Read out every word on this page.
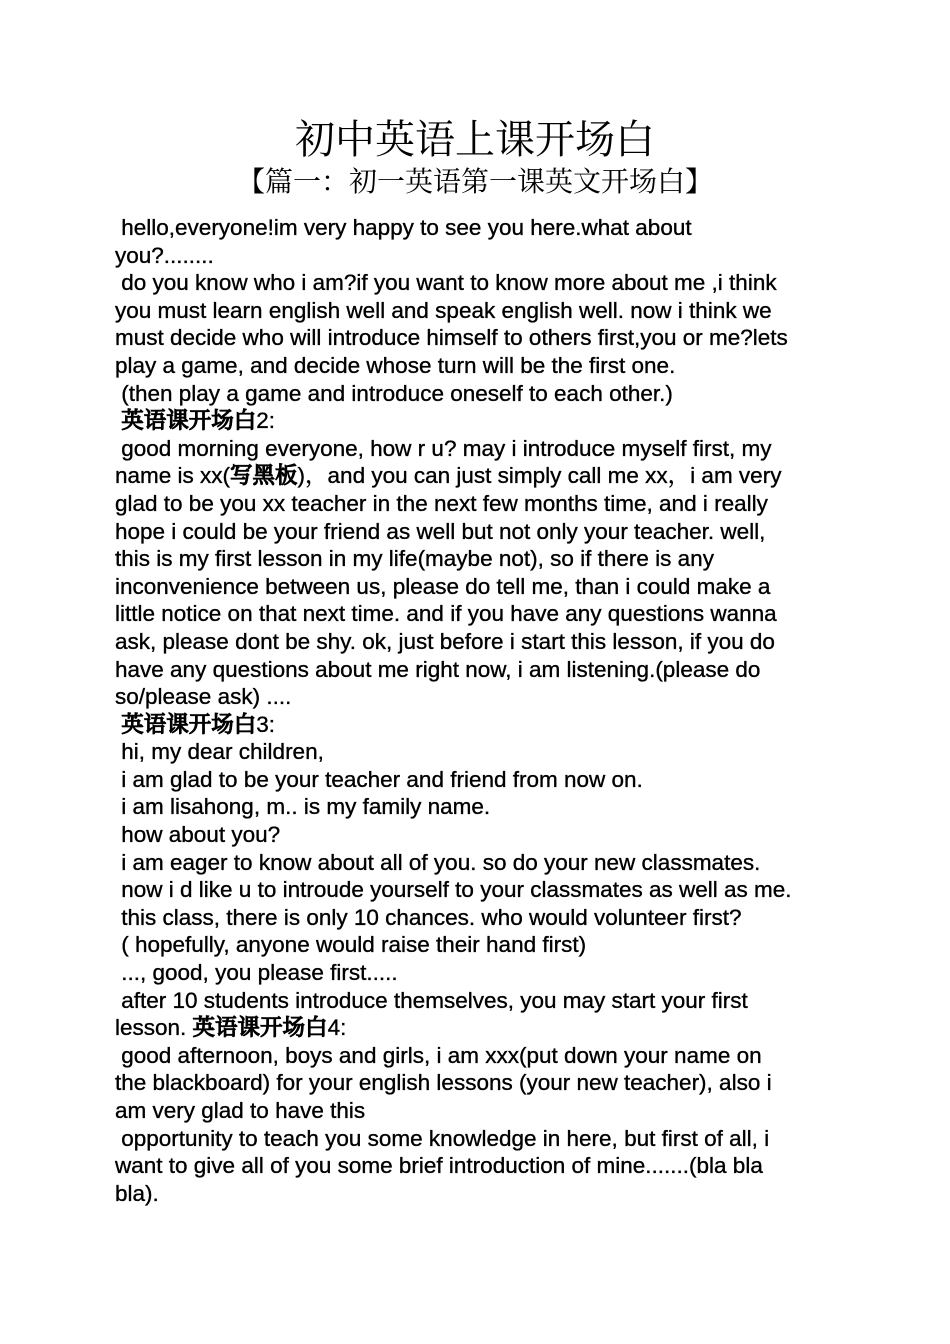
初中英语上课开场白
【篇一：初一英语第一课英文开场白】
hello,everyone!im very happy to see you here.what about
you?........
do you know who i am?if you want to know more about me ,i think
you must learn english well and speak english well. now i think we
must decide who will introduce himself to others first,you or me?lets
play a game, and decide whose turn will be the first one.
(then play a game and introduce oneself to each other.)
英语课开场白2:
good morning everyone, how r u? may i introduce myself first, my
name is xx(写黑板)，and you can just simply call me xx，i am very
glad to be you xx teacher in the next few months time, and i really
hope i could be your friend as well but not only your teacher. well,
this is my first lesson in my life(maybe not), so if there is any
inconvenience between us, please do tell me, than i could make a
little notice on that next time. and if you have any questions wanna
ask, please dont be shy. ok, just before i start this lesson, if you do
have any questions about me right now, i am listening.(please do
so/please ask) ....
英语课开场白3:
hi, my dear children,
i am glad to be your teacher and friend from now on.
i am lisahong, m.. is my family name.
how about you?
i am eager to know about all of you. so do your new classmates.
now i d like u to introude yourself to your classmates as well as me.
this class, there is only 10 chances. who would volunteer first?
( hopefully, anyone would raise their hand first)
..., good, you please first.....
after 10 students introduce themselves, you may start your first
lesson. 英语课开场白4:
good afternoon, boys and girls, i am xxx(put down your name on
the blackboard) for your english lessons (your new teacher), also i
am very glad to have this
opportunity to teach you some knowledge in here, but first of all, i
want to give all of you some brief introduction of mine.......(bla bla
bla).
